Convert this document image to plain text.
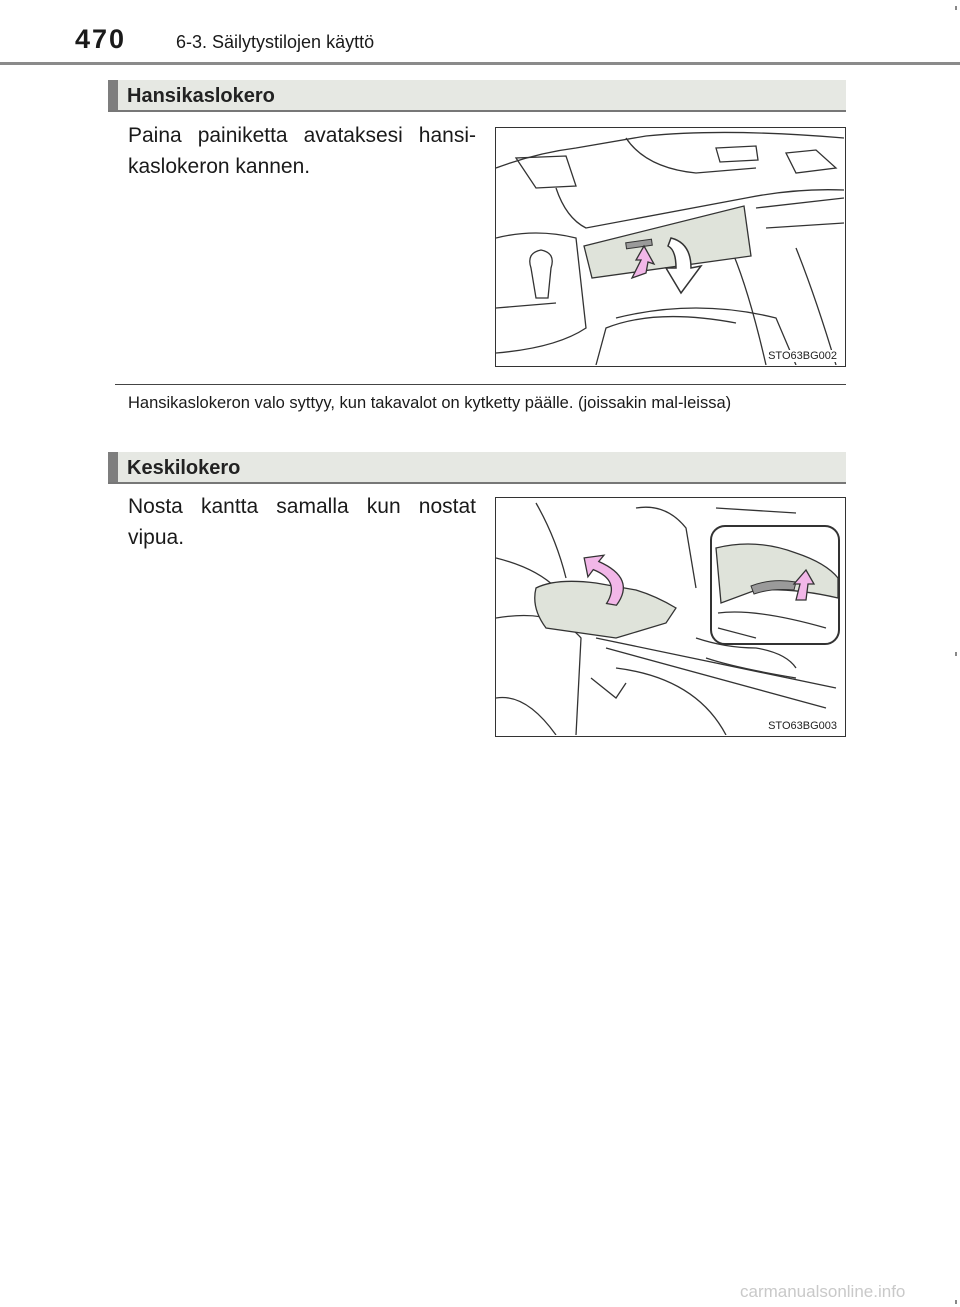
470	6-3. Säilytystilojen käyttö
Hansikaslokero
Paina painiketta avataksesi hansi-kaslokeron kannen.
STO63BG002
Hansikaslokeron valo syttyy, kun takavalot on kytketty päälle. (joissakin mal-leissa)
Keskilokero
Nosta kantta samalla kun nostat vipua.
STO63BG003
carmanualsonline.info
